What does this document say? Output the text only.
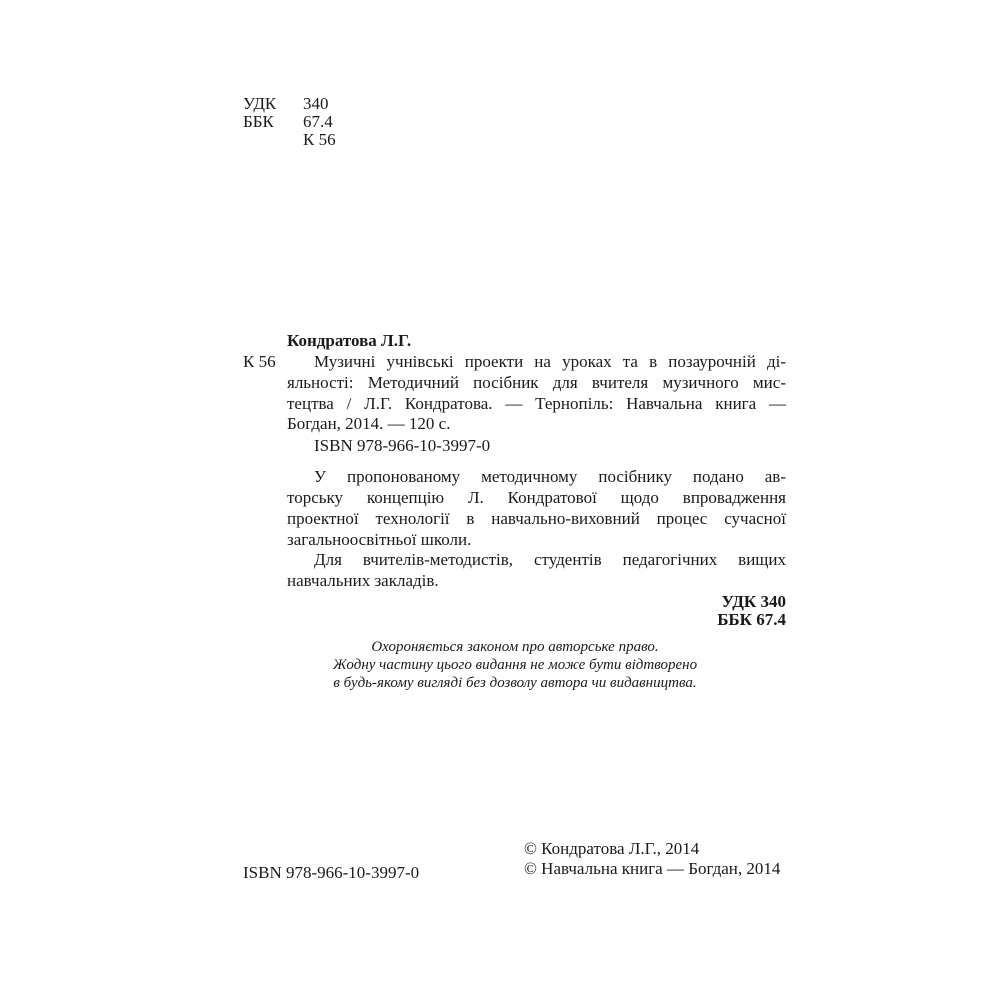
УДК 340
ББК 67.4
К 56
Кондратова Л.Г.
К 56 Музичні учнівські проекти на уроках та в позаурочній ді-
яльності: Методичний посібник для вчителя музичного мис-
тецтва / Л.Г. Кондратова. — Тернопіль: Навчальна книга —
Богдан, 2014. — 120 с.
ISBN 978-966-10-3997-0
У пропонованому методичному посібнику подано ав-
торську концепцію Л. Кондратової щодо впровадження
проектної технології в навчально-виховний процес сучасної
загальноосвітньої школи.
Для вчителів-методистів, студентів педагогічних вищих
навчальних закладів.
УДК 340
ББК 67.4
Охороняється законом про авторське право.
Жодну частину цього видання не може бути відтворено
в будь-якому вигляді без дозволу автора чи видавництва.
© Кондратова Л.Г., 2014
© Навчальна книга — Богдан, 2014
ISBN 978-966-10-3997-0
